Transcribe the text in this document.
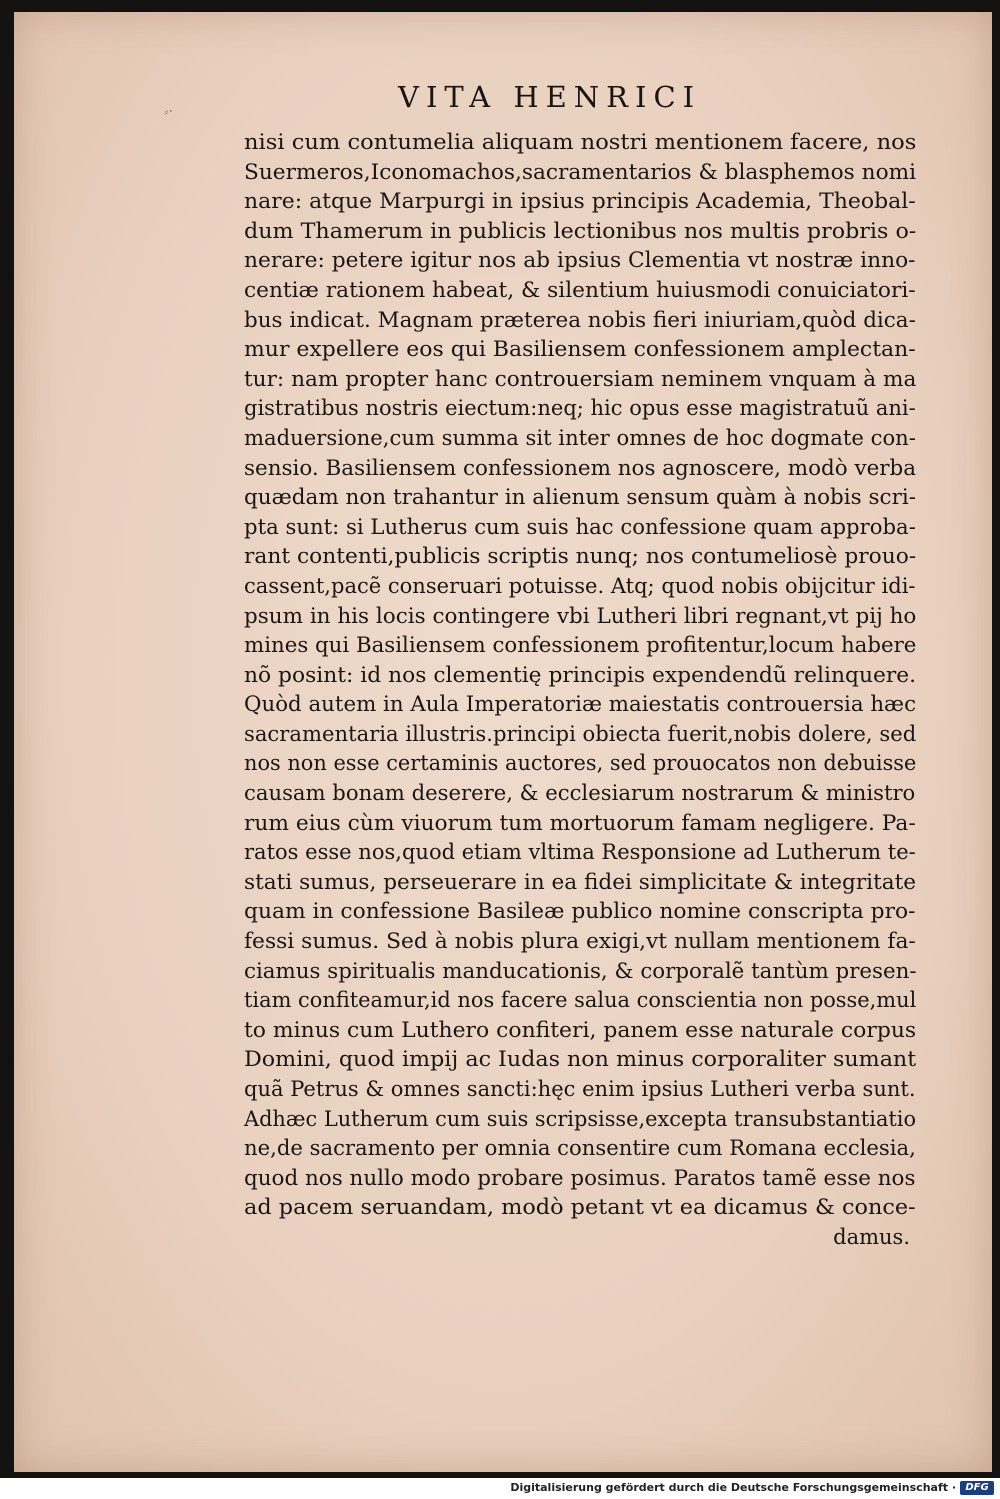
⸗·	VITA HENRICI
nisi cum contumelia aliquam nostri mentionem facere, nos
Suermeros,Iconomachos,sacramentarios & blasphemos nomi
nare: atque Marpurgi in ipsius principis Academia, Theobal-
dum Thamerum in publicis lectionibus nos multis probris o-
nerare: petere igitur nos ab ipsius Clementia vt nostræ inno-
centiæ rationem habeat, & silentium huiusmodi conuiciatori-
bus indicat. Magnam præterea nobis fieri iniuriam,quòd dica-
mur expellere eos qui Basiliensem confessionem amplectan-
tur: nam propter hanc controuersiam neminem vnquam à ma
gistratibus nostris eiectum:neq; hic opus esse magistratuũ ani-
maduersione,cum summa sit inter omnes de hoc dogmate con-
sensio. Basiliensem confessionem nos agnoscere, modò verba
quædam non trahantur in alienum sensum quàm à nobis scri-
pta sunt: si Lutherus cum suis hac confessione quam approba-
rant contenti,publicis scriptis nunq; nos contumeliosè prouo-
cassent,pacẽ conseruari potuisse. Atq; quod nobis obijcitur idi-
psum in his locis contingere vbi Lutheri libri regnant,vt pij ho
mines qui Basiliensem confessionem profitentur,locum habere
nõ posint: id nos clementię principis expendendũ relinquere.
Quòd autem in Aula Imperatoriæ maiestatis controuersia hæc
sacramentaria illustris.principi obiecta fuerit,nobis dolere, sed
nos non esse certaminis auctores, sed prouocatos non debuisse
causam bonam deserere, & ecclesiarum nostrarum & ministro
rum eius cùm viuorum tum mortuorum famam negligere. Pa-
ratos esse nos,quod etiam vltima Responsione ad Lutherum te-
stati sumus, perseuerare in ea fidei simplicitate & integritate
quam in confessione Basileæ publico nomine conscripta pro-
fessi sumus. Sed à nobis plura exigi,vt nullam mentionem fa-
ciamus spiritualis manducationis, & corporalẽ tantùm presen-
tiam confiteamur,id nos facere salua conscientia non posse,mul
to minus cum Luthero confiteri, panem esse naturale corpus
Domini, quod impij ac Iudas non minus corporaliter sumant
quã Petrus & omnes sancti:hęc enim ipsius Lutheri verba sunt.
Adhæc Lutherum cum suis scripsisse,excepta transubstantiatio
ne,de sacramento per omnia consentire cum Romana ecclesia,
quod nos nullo modo probare posimus. Paratos tamẽ esse nos
ad pacem seruandam, modò petant vt ea dicamus & conce-
damus.
Digitalisierung gefördert durch die Deutsche Forschungsgemeinschaft · DFG
